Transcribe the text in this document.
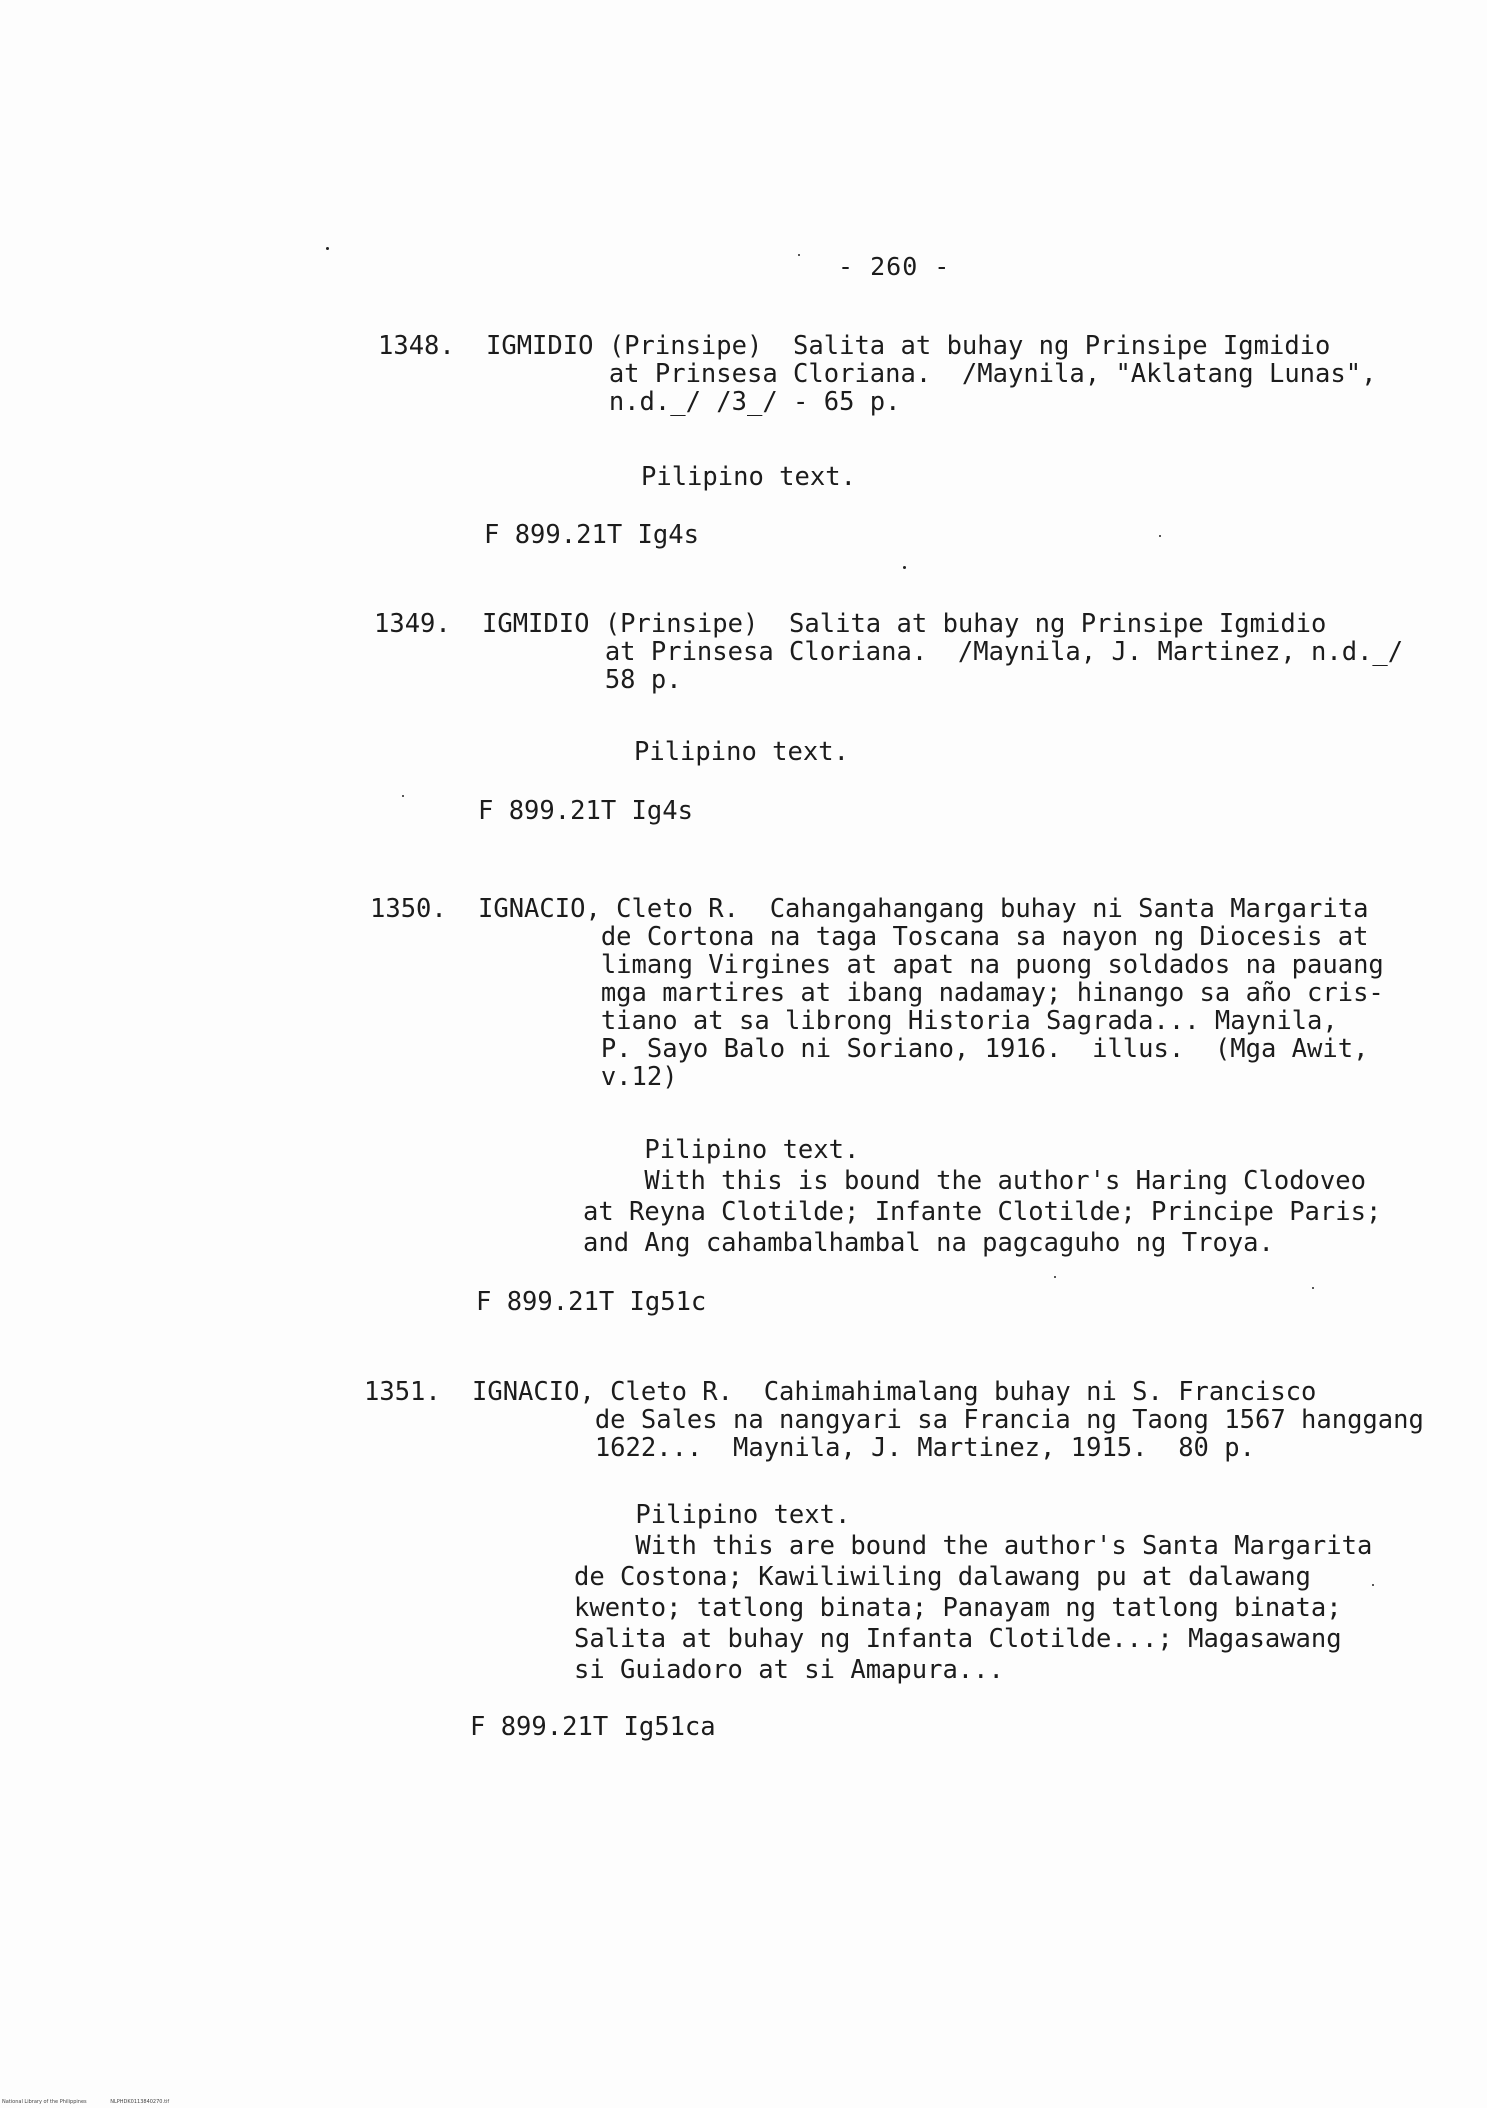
- 260 -
1348. IGMIDIO (Prinsipe)  Salita at buhay ng Prinsipe Igmidio
at Prinsesa Cloriana.  /Maynila, "Aklatang Lunas",
n.d._/ /3_/ - 65 p.
Pilipino text.
F 899.21T Ig4s
1349. IGMIDIO (Prinsipe)  Salita at buhay ng Prinsipe Igmidio
at Prinsesa Cloriana.  /Maynila, J. Martinez, n.d._/
58 p.
Pilipino text.
F 899.21T Ig4s
1350. IGNACIO, Cleto R.  Cahangahangang buhay ni Santa Margarita
de Cortona na taga Toscana sa nayon ng Diocesis at
limang Virgines at apat na puong soldados na pauang
mga martires at ibang nadamay; hinango sa año cris-
tiano at sa librong Historia Sagrada... Maynila,
P. Sayo Balo ni Soriano, 1916.  illus.  (Mga Awit,
v.12)
Pilipino text.
With this is bound the author's Haring Clodoveo
at Reyna Clotilde; Infante Clotilde; Principe Paris;
and Ang cahambalhambal na pagcaguho ng Troya.
F 899.21T Ig51c
1351. IGNACIO, Cleto R.  Cahimahimalang buhay ni S. Francisco
de Sales na nangyari sa Francia ng Taong 1567 hanggang
1622...  Maynila, J. Martinez, 1915.  80 p.
Pilipino text.
With this are bound the author's Santa Margarita
de Costona; Kawiliwiling dalawang pu at dalawang
kwento; tatlong binata; Panayam ng tatlong binata;
Salita at buhay ng Infanta Clotilde...; Magasawang
si Guiadoro at si Amapura...
F 899.21T Ig51ca
National Library of the Philippines	NLPHDK0113840270.tif
